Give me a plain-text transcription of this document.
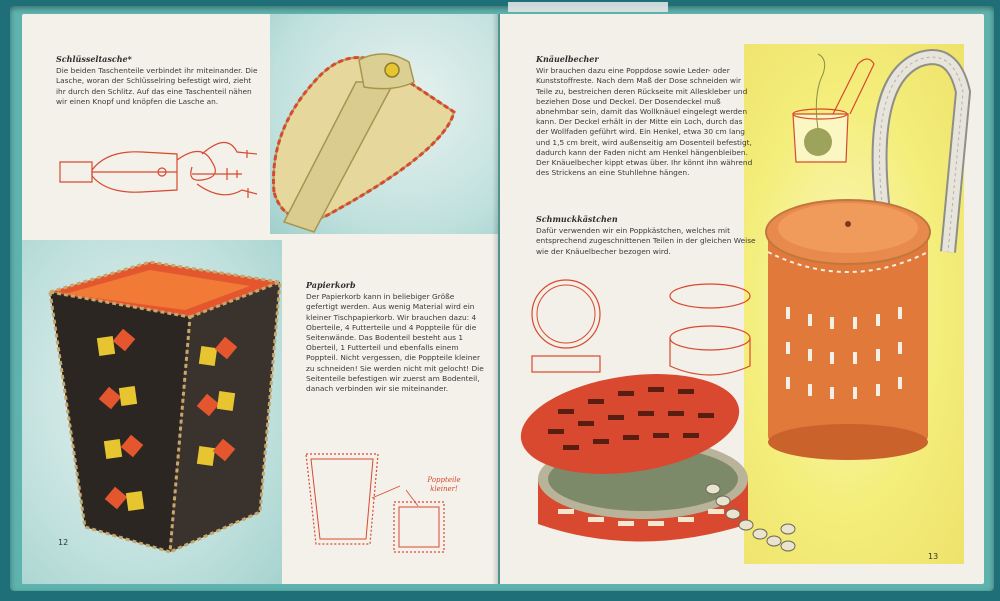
Schlüsseltasche*
Die beiden Taschenteile verbindet ihr miteinander. Die Lasche, woran der Schlüsselring befestigt wird, zieht ihr durch den Schlitz. Auf das eine Taschenteil nähen wir einen Knopf und knöpfen die Lasche an.
Papierkorb
Der Papierkorb kann in beliebiger Größe gefertigt werden. Aus wenig Material wird ein kleiner Tischpapierkorb. Wir brauchen dazu: 4 Oberteile, 4 Futterteile und 4 Poppteile für die Seitenwände. Das Bodenteil besteht aus 1 Oberteil, 1 Futterteil und ebenfalls einem Poppteil. Nicht vergessen, die Poppteile kleiner zu schneiden! Sie werden nicht mit gelocht! Die Seitenteile befestigen wir zuerst am Bodenteil, danach verbinden wir sie miteinander.
Poppteile kleiner!
12
Knäuelbecher
Wir brauchen dazu eine Poppdose sowie Leder- oder Kunststoffreste. Nach dem Maß der Dose schneiden wir Teile zu, bestreichen deren Rückseite mit Alleskleber und beziehen Dose und Deckel. Der Dosendeckel muß abnehmbar sein, damit das Wollknäuel eingelegt werden kann. Der Deckel erhält in der Mitte ein Loch, durch das der Wollfaden geführt wird. Ein Henkel, etwa 30 cm lang und 1,5 cm breit, wird außenseitig am Dosenteil befestigt, dadurch kann der Faden nicht am Henkel hängenbleiben. Der Knäuelbecher kippt etwas über. Ihr könnt ihn während des Strickens an eine Stuhllehne hängen.
Schmuckkästchen
Dafür verwenden wir ein Poppkästchen, welches mit entsprechend zugeschnittenen Teilen in der gleichen Weise wie der Knäuelbecher bezogen wird.
13
